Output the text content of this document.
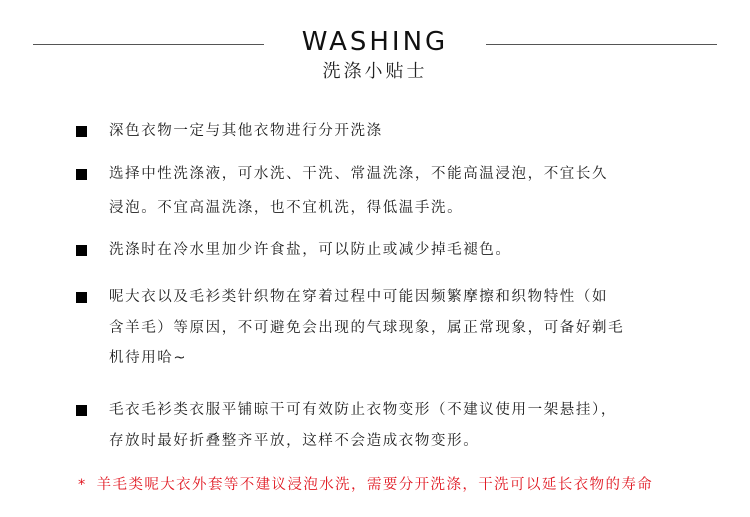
WASHING
洗涤小贴士
深色衣物一定与其他衣物进行分开洗涤
选择中性洗涤液，可水洗、干洗、常温洗涤，不能高温浸泡，不宜长久
浸泡。不宜高温洗涤，也不宜机洗，得低温手洗。
洗涤时在冷水里加少许食盐，可以防止或减少掉毛褪色。
呢大衣以及毛衫类针织物在穿着过程中可能因频繁摩擦和织物特性（如
含羊毛）等原因，不可避免会出现的气球现象，属正常现象，可备好剃毛
机待用哈~
毛衣毛衫类衣服平铺晾干可有效防止衣物变形（不建议使用一架悬挂），
存放时最好折叠整齐平放，这样不会造成衣物变形。
* 羊毛类呢大衣外套等不建议浸泡水洗，需要分开洗涤，干洗可以延长衣物的寿命
